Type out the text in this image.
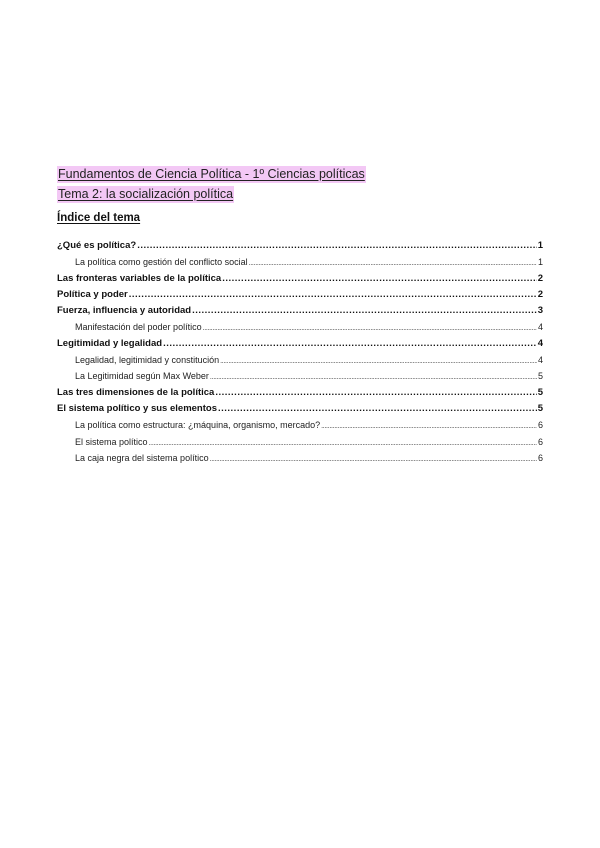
Fundamentos de Ciencia Política - 1º Ciencias políticas
Tema 2: la socialización política
Índice del tema
¿Qué es política? .....	1
La política como gestión del conflicto social .....	1
Las fronteras variables de la política .....	2
Política y poder .....	2
Fuerza, influencia y autoridad .....	3
Manifestación del poder político .....	4
Legitimidad y legalidad .....	4
Legalidad, legitimidad y constitución .....	4
La Legitimidad según Max Weber .....	5
Las tres dimensiones de la política .....	5
El sistema político y sus elementos .....	5
La política como estructura: ¿máquina, organismo, mercado? .....	6
El sistema político .....	6
La caja negra del sistema político .....	6
